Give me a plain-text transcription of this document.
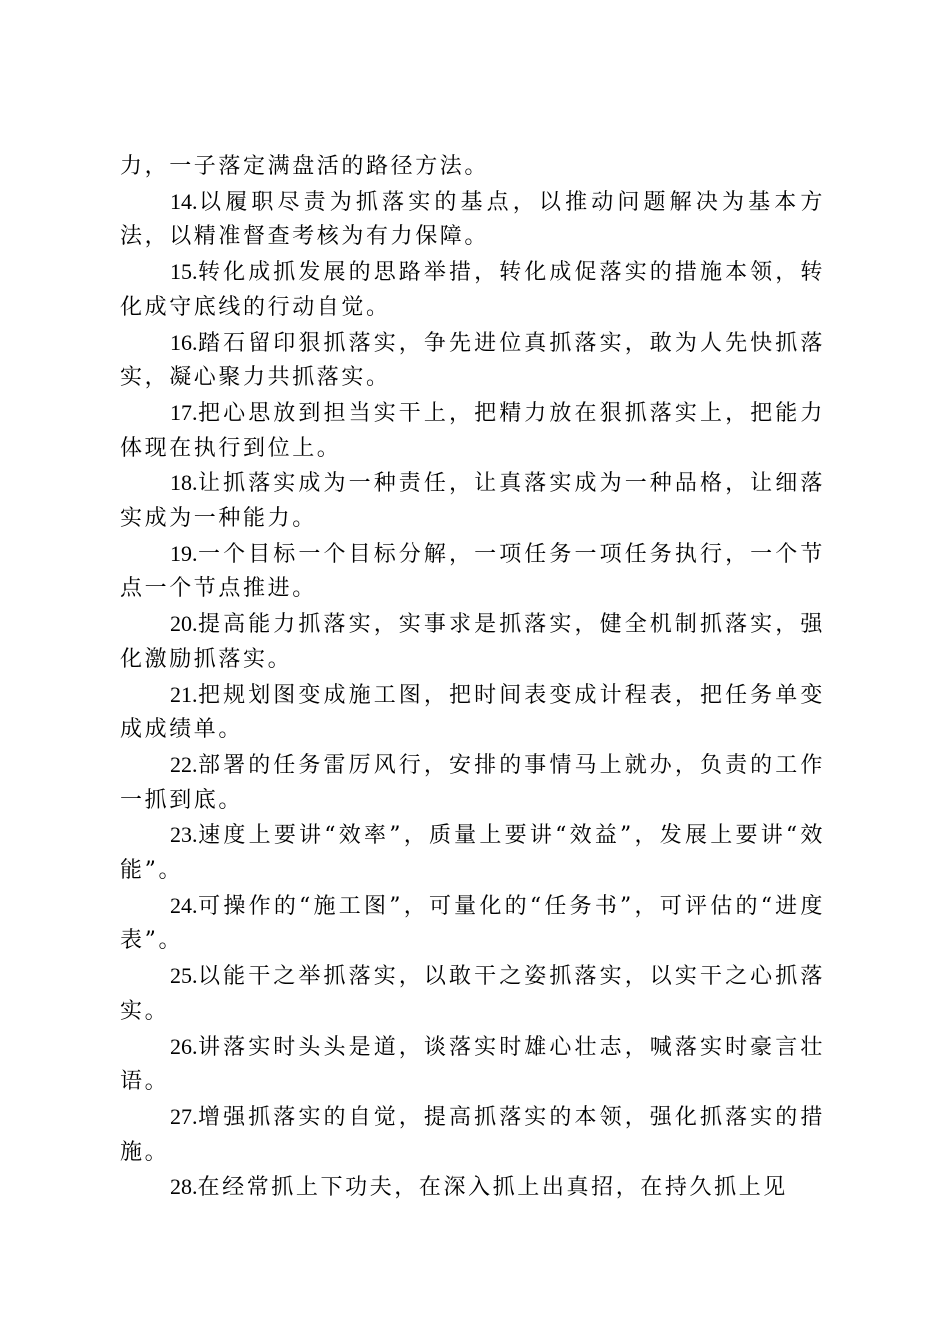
力，一子落定满盘活的路径方法。

14.以履职尽责为抓落实的基点，以推动问题解决为基本方法，以精准督查考核为有力保障。

15.转化成抓发展的思路举措，转化成促落实的措施本领，转化成守底线的行动自觉。

16.踏石留印狠抓落实，争先进位真抓落实，敢为人先快抓落实，凝心聚力共抓落实。

17.把心思放到担当实干上，把精力放在狠抓落实上，把能力体现在执行到位上。

18.让抓落实成为一种责任，让真落实成为一种品格，让细落实成为一种能力。

19.一个目标一个目标分解，一项任务一项任务执行，一个节点一个节点推进。

20.提高能力抓落实，实事求是抓落实，健全机制抓落实，强化激励抓落实。

21.把规划图变成施工图，把时间表变成计程表，把任务单变成成绩单。

22.部署的任务雷厉风行，安排的事情马上就办，负责的工作一抓到底。

23.速度上要讲“效率”，质量上要讲“效益”，发展上要讲“效能”。

24.可操作的“施工图”，可量化的“任务书”，可评估的“进度表”。

25.以能干之举抓落实，以敢干之姿抓落实，以实干之心抓落实。

26.讲落实时头头是道，谈落实时雄心壮志，喊落实时豪言壮语。

27.增强抓落实的自觉，提高抓落实的本领，强化抓落实的措施。

28.在经常抓上下功夫，在深入抓上出真招，在持久抓上见
